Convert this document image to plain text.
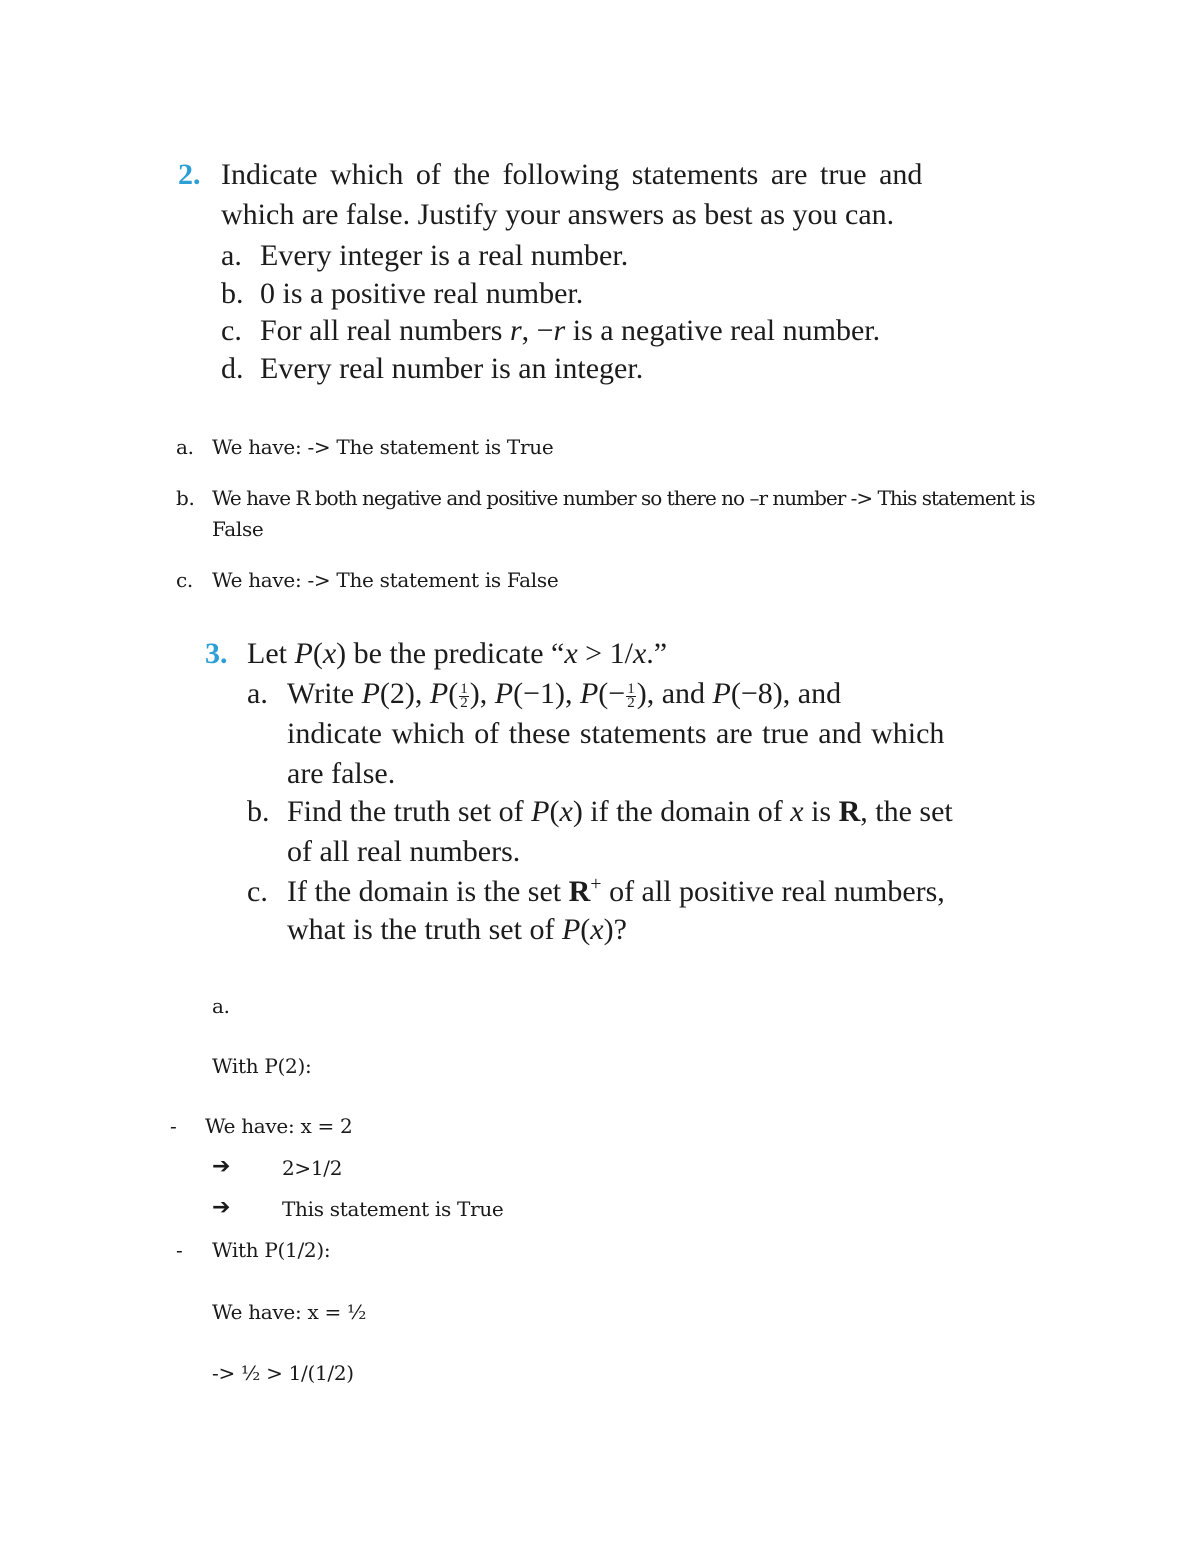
2. Indicate which of the following statements are true and
which are false. Justify your answers as best as you can.
a. Every integer is a real number.
b. 0 is a positive real number.
c. For all real numbers r, −r is a negative real number.
d. Every real number is an integer.
a. We have: -> The statement is True
b. We have R both negative and positive number so there no –r number -> This statement is
False
c. We have: -> The statement is False
3. Let P(x) be the predicate “x > 1/x.”
a. Write P(2), $P( \frac{1}{2}$ ), P(−1), $P(- \frac{1}{2}$ ), and P(−8), and
indicate which of these statements are true and which
are false.
b. Find the truth set of P(x) if the domain of x is R, the set
of all real numbers.
c. If the domain is the set R+ of all positive real numbers,
what is the truth set of P(x)?
a.
With P(2):
- We have: x = 2
➔	2>1/2
➔	This statement is True
- With P(1/2):
We have: x = ½
-> ½ > 1/(1/2)
